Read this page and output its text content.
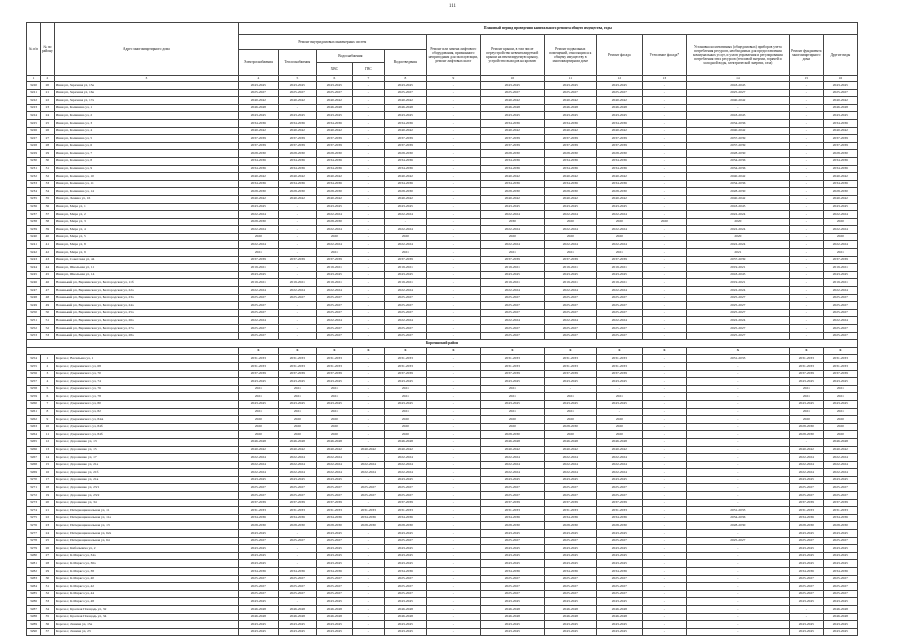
111
№ п/п	№ по району	Адрес многоквартирного дома	Плановый период проведения капитального ремонта общего имущества, годы												
			Ремонт внутридомовых инженерных систем					Ремонт или замена лифтового оборудования, признанного непригодным для эксплуатации, ремонт лифтовых шахт	Ремонт крыши, в том числе переустройство невентилируемой крыши на вентилируемую крышу, устройство выходов на кровлю	Ремонт подвальных помещений, относящихся к общему имуществу в многоквартирном доме	Ремонт фасада	Утепление фасада*	Установка коллективных (общедомовых) приборов учета потребления ресурсов, необходимых для предоставления коммунальных услуг, и узлов управления и регулирования потребления этих ресурсов (тепловой энергии, горячей и холодной воды, электрической энергии, газа)	Ремонт фундамента многоквартирного дома	Другие виды
			Электроснабжения	Теплоснабжения	Водоснабжения		Водоотведения								
					ХВС	ГВС									
1	2	3	4	5	6	7	8	9	10	11	12	13	14	15	16
3220	20	Ивня рп, Заречная ул, 15а	2043-2045	2043-2045	2043-2045	-	2043-2045	-	2043-2045	2043-2045	2043-2045	-	2043-2045	-	2043-2045
3221	21	Ивня рп, Заречная ул, 16а	2025-2027	2025-2027	2025-2027	-	2025-2027	-	2025-2027	2025-2027	2025-2027	-	2025-2027	-	2025-2027
3222	22	Ивня рп, Заречная ул, 17а	2040-2042	2040-2042	2040-2042	-	2040-2042	-	2040-2042	2040-2042	2040-2042	-	2040-2042	-	2040-2042
3223	23	Ивня рп, Калинина ул, 1	2046-2048	-	2046-2048	-	2046-2048	-	2046-2048	2046-2048	2046-2048	-	-	-	2046-2048
3224	24	Ивня рп, Калинина ул, 2	2043-2045	2043-2045	2043-2045	-	2043-2045	-	2043-2045	2043-2045	2043-2045	-	2043-2045	-	2043-2045
3225	25	Ивня рп, Калинина ул, 3	2034-2036	2034-2036	2034-2036	-	2034-2036	-	2034-2036	2034-2036	2034-2036	-	2034-2036	-	2034-2036
3226	26	Ивня рп, Калинина ул, 4	2040-2042	2040-2042	2040-2042	-	2040-2042	-	2040-2042	2040-2042	2040-2042	-	2040-2042	-	2040-2042
3227	27	Ивня рп, Калинина ул, 5	2037-2039	2037-2039	2037-2039	-	2037-2039	-	2037-2039	2037-2039	2037-2039	-	2037-2039	-	2037-2039
3228	28	Ивня рп, Калинина ул, 6	2037-2039	2037-2039	2037-2039	-	2037-2039	-	2037-2039	2037-2039	2037-2039	-	2037-2039	-	2037-2039
3229	29	Ивня рп, Калинина ул, 7	2028-2030	2028-2030	2028-2030	-	2028-2030	-	2028-2030	2028-2030	2028-2030	-	2028-2030	-	2028-2030
3230	30	Ивня рп, Калинина ул, 8	2034-2036	2034-2036	2034-2036	-	2034-2036	-	2034-2036	2034-2036	2034-2036	-	2034-2036	-	2034-2036
3231	31	Ивня рп, Калинина ул, 9	2034-2036	2034-2036	2034-2036	-	2034-2036	-	2034-2036	2034-2036	2034-2036	-	2034-2036	-	2034-2036
3232	32	Ивня рп, Калинина ул, 10	2040-2042	2040-2042	2040-2042	-	2040-2042	-	2040-2042	2040-2042	2040-2042	-	2040-2042	-	2040-2042
3233	33	Ивня рп, Калинина ул, 11	2034-2036	2034-2036	2034-2036	-	2034-2036	-	2034-2036	2034-2036	2034-2036	-	2034-2036	-	2034-2036
3234	34	Ивня рп, Калинина ул, 14	2028-2030	2028-2030	2028-2030	-	2028-2030	-	2028-2030	2028-2030	2028-2030	-	2028-2030	-	2028-2030
3235	35	Ивня рп, Ленина ул, 16	2040-2042	2040-2042	2040-2042	-	2040-2042	-	2040-2042	2040-2042	2040-2042	-	2040-2042	-	2040-2042
3236	36	Ивня рп, Мира ул, 1	2043-2045	-	2043-2045	-	2043-2045	-	2043-2045	2043-2045	2043-2045	-	2043-2045	-	2043-2045
3237	37	Ивня рп, Мира ул, 2	2022-2024	-	2022-2024	-	2022-2024	-	2022-2024	2022-2024	2022-2024	-	2022-2024	-	2022-2024
3238	38	Ивня рп, Мира ул, 3	2028-2030	-	2028-2030	-	-	-	2030	2020	2020	2020	2020	-	2020
3239	39	Ивня рп, Мира ул, 4	2022-2024	-	2022-2024	-	2022-2024	-	2022-2024	2022-2024	2022-2024	-	2022-2024	-	2022-2024
3240	40	Ивня рп, Мира ул, 5	2020	-	2020	-	2020	-	2020	2020	2020	-	2020	-	2020
3241	41	Ивня рп, Мира ул, 8	2022-2024	-	2022-2024	-	2022-2024	-	2022-2024	2022-2024	2022-2024	-	2022-2024	-	2022-2024
3242	42	Ивня рп, Мира ул, 9	2021	-	2021	-	2021	-	2021	2021	2021	-	2021	-	2021
3243	43	Ивня рп, Советская ул, 44	2037-2039	2037-2039	2037-2039	-	2037-2039	-	2037-2039	2037-2039	2037-2039	-	2037-2039	-	2037-2039
3244	44	Ивня рп, Школьная ул, 11	2019-2021	-	2019-2021	-	2019-2021	-	2019-2021	2019-2021	2019-2021	-	2019-2021	-	2019-2021
3245	45	Ивня рп, Школьная ул, 14	2043-2045	-	2043-2045	-	2043-2045	-	2043-2045	2043-2045	2043-2045	-	2043-2045	-	2043-2045
3246	46	Новенький рп, Вержинская ул, Белгородская ул, 11б	2019-2021	2019-2021	2019-2021	-	2019-2021	-	2019-2021	2019-2021	2019-2021	-	2019-2021	-	2019-2021
3247	47	Новенький рп, Вержинская ул, Белгородская ул, 22а	2022-2024	2022-2024	2022-2024	-	2022-2024	-	2022-2024	2022-2024	2022-2024	-	2022-2024	-	2022-2024
3248	48	Новенький рп, Вержинская ул, Белгородская ул, 23а	2025-2027	2025-2027	2025-2027	-	2025-2027	-	2025-2027	2025-2027	2025-2027	-	2025-2027	-	2025-2027
3249	49	Новенький рп, Вержинская ул, Белгородская ул, 24а	2025-2027	-	2025-2027	-	2025-2027	-	2025-2027	2025-2027	2025-2027	-	2025-2027	-	2025-2027
3250	50	Новенький рп, Вержинская ул, Белгородская ул, 25а	2025-2027	-	2025-2027	-	2025-2027	-	2025-2027	2025-2027	2025-2027	-	2025-2027	-	2025-2027
3251	51	Новенький рп, Вержинская ул, Белгородская ул, 26а	2022-2024	-	2022-2024	-	2022-2024	-	2022-2024	2022-2024	2022-2024	-	2022-2024	-	2022-2024
3252	52	Новенький рп, Вержинская ул, Белгородская ул, 27а	2025-2027	-	2025-2027	-	2025-2027	-	2025-2027	2025-2027	2025-2027	-	2025-2027	-	2025-2027
3253	53	Новенький рп, Вержинская ул, Белгородская ул, 28а	2025-2027	-	2025-2027	-	2025-2027	-	2025-2027	2025-2027	2025-2027	-	2025-2027	-	2025-2027
Корочанский район															
			X	X	X	X	X	X	X	X	X	X	X	X	X
3254	1	Короча г, Васильева ул, 1	2031-2033	2031-2033	2031-2033	-	2031-2033	-	2031-2033	2031-2033	2031-2033	-	2031-2033	2031-2033	2031-2033
3255	2	Короча г, Дзержинского ул, 68	2031-2033	2031-2033	2031-2033	-	2031-2033	-	2031-2033	2031-2033	2031-2033	-	-	2031-2033	2031-2033
3256	3	Короча г, Дзержинского ул, 70	2037-2039	2037-2039	2037-2039	-	2037-2039	-	2037-2039	2037-2039	2037-2039	-	-	2037-2039	2037-2039
3257	4	Короча г, Дзержинского ул, 74	2043-2045	2043-2045	2043-2045	-	2043-2045	-	2043-2045	2043-2045	2043-2045	-	-	2043-2045	2043-2045
3258	5	Короча г, Дзержинского ул, 76	2021	2021	2021	-	2021	-	2021	-	-	-	-	2021	2021
3259	6	Короча г, Дзержинского ул, 78	2021	2021	2021	-	2021	-	2021	2021	2021	-	-	2021	2021
3260	7	Короча г, Дзержинского ул, 80	2043-2045	2043-2045	2043-2045	-	2043-2045	-	2043-2045	2043-2045	2043-2045	-	-	2043-2045	2043-2045
3261	8	Короча г, Дзержинского ул, 82	2021	2021	2021	-	2021	-	2021	2021	-	-	-	2021	2021
3262	9	Короча г, Дзержинского ул, 84А	2020	2020	2020	-	2020	-	2020	2020	2020	-	-	2020	2020
3263	10	Короча г, Дзержинского ул, 84б	2020	2020	2020	-	2020	-	2020	2028-2030	2020	-	-	2028-2030	2020
3264	11	Короча г, Дзержинского ул, 84б	2020	2020	2020	-	2020	-	2028-2030	2020	2020	-	-	2028-2030	2020
3265	12	Короча г, Дорошенко ул, 13	2046-2048	2046-2048	2046-2048	-	2046-2048	-	2046-2048	2046-2048	2046-2048	-	-	-	2046-2048
3266	13	Короча г, Дорошенко ул, 15	2040-2042	2040-2042	2040-2042	2040-2042	2040-2042	-	2040-2042	2040-2042	2040-2042	-	-	2040-2042	2040-2042
3267	14	Короча г, Дорошенко ул, 17	2022-2024	2022-2024	2022-2024	-	2022-2024	-	2022-2024	2022-2024	2022-2024	-	-	2022-2024	2022-2024
3268	15	Короча г, Дорошенко ул, 21а	2022-2024	2022-2024	2022-2024	2022-2024	2022-2024	-	2022-2024	2022-2024	2022-2024	-	-	2022-2024	2022-2024
3269	16	Короча г, Дорошенко ул, 21б	2022-2024	2022-2024	2022-2024	2022-2024	2022-2024	-	2022-2024	2022-2024	2022-2024	-	-	2022-2024	2022-2024
3270	17	Короча г, Дорошенко ул, 21в	2043-2045	2043-2045	2043-2045	-	2043-2045	-	2043-2045	2043-2045	2043-2045	-	-	2043-2045	2043-2045
3271	18	Короча г, Дорошенко ул, 23/1	2025-2027	2025-2027	2025-2027	2025-2027	2025-2027	-	2025-2027	2025-2027	2025-2027	-	-	2025-2027	2025-2027
3272	19	Короча г, Дорошенко ул, 23/2	2025-2027	2025-2027	2025-2027	2025-2027	2025-2027	-	2025-2027	2025-2027	2025-2027	-	-	2025-2027	2025-2027
3273	20	Короча г, Дорошенко ул, 34	2037-2039	2037-2039	2037-2039	-	2037-2039	-	2037-2039	2037-2039	2037-2039	-	-	2037-2039	2037-2039
3274	21	Короча г, Интернациональная ул, 11	2031-2033	2031-2033	2031-2033	2031-2033	2031-2033	-	2031-2033	2031-2033	2031-2033	-	2031-2033	2031-2033	2031-2033
3275	22	Короча г, Интернациональная ул, 11а	2034-2036	2034-2036	2034-2036	2034-2036	2034-2036	-	2034-2036	2034-2036	2034-2036	-	2034-2036	2034-2036	2034-2036
3276	23	Короча г, Интернациональная ул, 13	2028-2030	2028-2030	2028-2030	2028-2030	2028-2030	-	2028-2030	2028-2030	2028-2030	-	2028-2030	2028-2030	2028-2030
3277	24	Короча г, Интернациональная ул, 62а	2043-2045	-	2043-2045	-	2043-2045	-	2043-2045	2043-2045	2043-2045	-	-	2043-2045	2043-2045
3278	25	Короча г, Интернациональная ул, 64	2025-2027	2025-2027	2025-2027	-	2025-2027	-	2025-2027	2025-2027	2025-2027	-	2025-2027	2025-2027	2025-2027
3279	26	Короча г, Кибальчича ул, 2	2043-2045	-	2043-2045	-	2043-2045	-	2043-2045	2043-2045	2043-2045	-	-	2043-2045	2043-2045
3280	27	Короча г, К.Маркса ул, 34а	2043-2045	-	2043-2045	-	2043-2045	-	2043-2045	2043-2045	2043-2045	-	-	2043-2045	2043-2045
3281	28	Короча г, К.Маркса ул, 36а	2043-2045	-	2043-2045	-	2043-2045	-	2043-2045	2043-2045	2043-2045	-	-	2043-2045	2043-2045
3282	29	Короча г, К.Маркса ул, 38	2034-2036	2034-2036	2034-2036	-	2034-2036	-	2034-2036	2034-2036	2034-2036	-	-	2034-2036	2034-2036
3283	30	Короча г, К.Маркса ул, 40	2025-2027	2025-2027	2025-2027	-	2025-2027	-	2025-2027	2025-2027	2025-2027	-	-	2025-2027	2025-2027
3284	31	Короча г, К.Маркса ул, 42	2025-2027	2025-2027	2025-2027	-	2025-2027	-	2025-2027	2025-2027	2025-2027	-	-	2025-2027	2025-2027
3285	32	Короча г, К.Маркса ул, 44	2025-2027	2025-2027	2025-2027	-	2025-2027	-	2025-2027	2025-2027	2025-2027	-	-	2025-2027	2025-2027
3286	33	Короча г, К.Маркса ул, 48	2043-2045	-	2043-2045	-	2043-2045	-	2043-2045	2043-2045	2043-2045	-	-	2043-2045	2043-2045
3287	34	Короча г, Красная Площадь ул, 32	2046-2048	2046-2048	2046-2048	-	2046-2048	-	2046-2048	2046-2048	2046-2048	-	-	-	2046-2048
3288	35	Короча г, Красная Площадь ул, 34	2046-2048	2046-2048	2046-2048	-	2046-2048	-	2046-2048	2046-2048	2046-2048	-	-	-	2046-2048
3289	36	Короча г, Ленина ул, 15а	2043-2045	2043-2045	2043-2045	-	2043-2045	-	2043-2045	2043-2045	2043-2045	-	-	2043-2045	2043-2045
3290	37	Короча г, Ленина ул, 23	2043-2045	2043-2045	2043-2045	-	2043-2045	-	2043-2045	2043-2045	2043-2045	-	-	2043-2045	2043-2045
